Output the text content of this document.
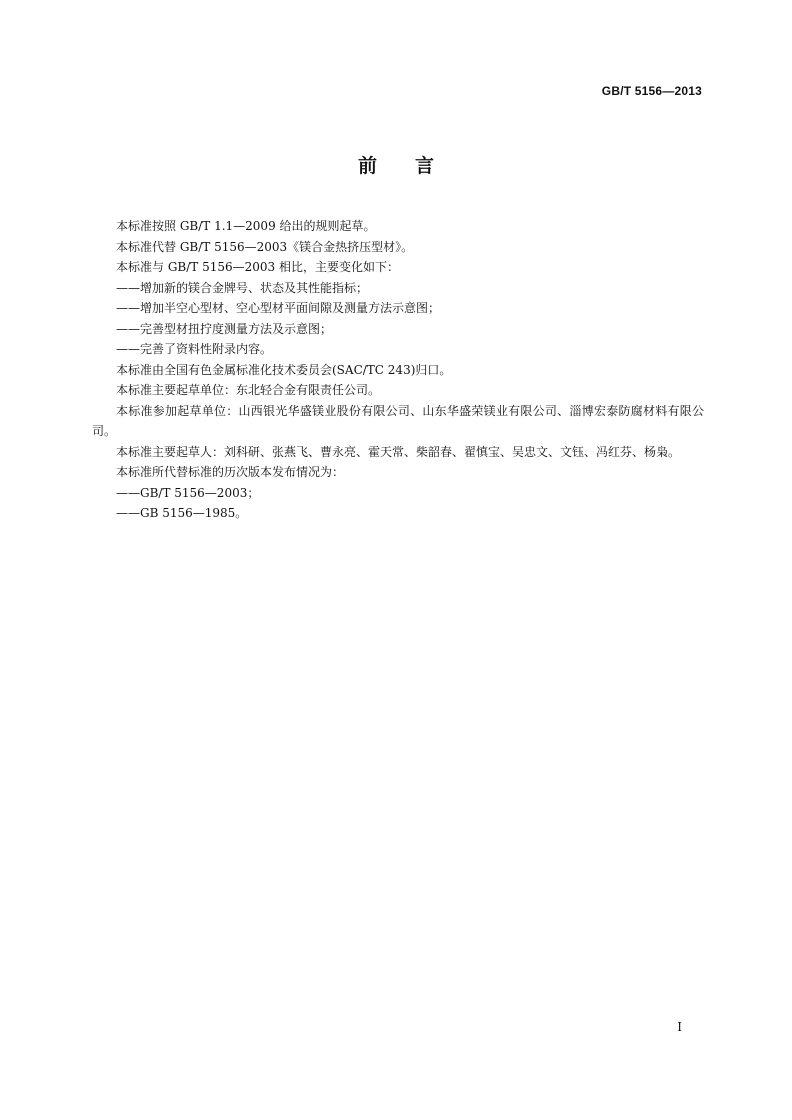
GB/T 5156—2013
前言

本标准按照 GB/T 1.1—2009 给出的规则起草。

本标准代替 GB/T 5156—2003《镁合金热挤压型材》。

本标准与 GB/T 5156—2003 相比，主要变化如下：

——增加新的镁合金牌号、状态及其性能指标；

——增加半空心型材、空心型材平面间隙及测量方法示意图；

——完善型材扭拧度测量方法及示意图；

——完善了资料性附录内容。

本标准由全国有色金属标准化技术委员会(SAC/TC 243)归口。

本标准主要起草单位：东北轻合金有限责任公司。

本标准参加起草单位：山西银光华盛镁业股份有限公司、山东华盛荣镁业有限公司、淄博宏泰防腐材料有限公司。

本标准主要起草人：刘科研、张燕飞、曹永亮、霍天常、柴韶春、翟慎宝、吴忠文、文钰、冯红芬、杨枭。

本标准所代替标准的历次版本发布情况为：

——GB/T 5156—2003；

——GB 5156—1985。

I
